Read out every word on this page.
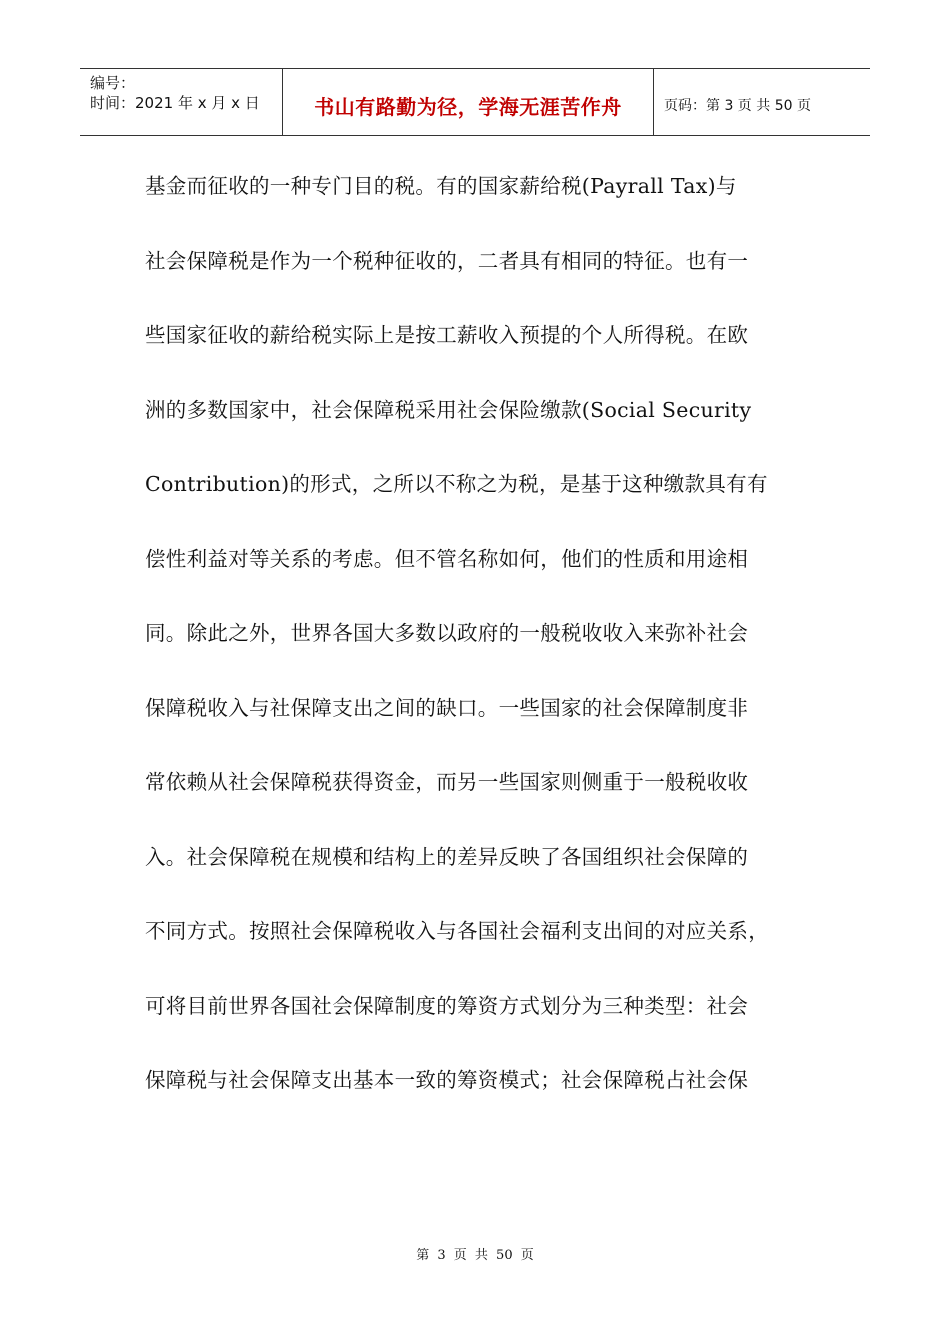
编号：
时间：2021 年 x 月 x 日	书山有路勤为径，学海无涯苦作舟	页码：第 3 页 共 50 页

基金而征收的一种专门目的税。有的国家薪给税(Payrall Tax)与

社会保障税是作为一个税种征收的，二者具有相同的特征。也有一

些国家征收的薪给税实际上是按工薪收入预提的个人所得税。在欧

洲的多数国家中，社会保障税采用社会保险缴款(Social Security

Contribution)的形式，之所以不称之为税，是基于这种缴款具有有

偿性利益对等关系的考虑。但不管名称如何，他们的性质和用途相

同。除此之外，世界各国大多数以政府的一般税收收入来弥补社会

保障税收入与社保障支出之间的缺口。一些国家的社会保障制度非

常依赖从社会保障税获得资金，而另一些国家则侧重于一般税收收

入。社会保障税在规模和结构上的差异反映了各国组织社会保障的

不同方式。按照社会保障税收入与各国社会福利支出间的对应关系，

可将目前世界各国社会保障制度的筹资方式划分为三种类型：社会

保障税与社会保障支出基本一致的筹资模式；社会保障税占社会保

第 3 页 共 50 页
